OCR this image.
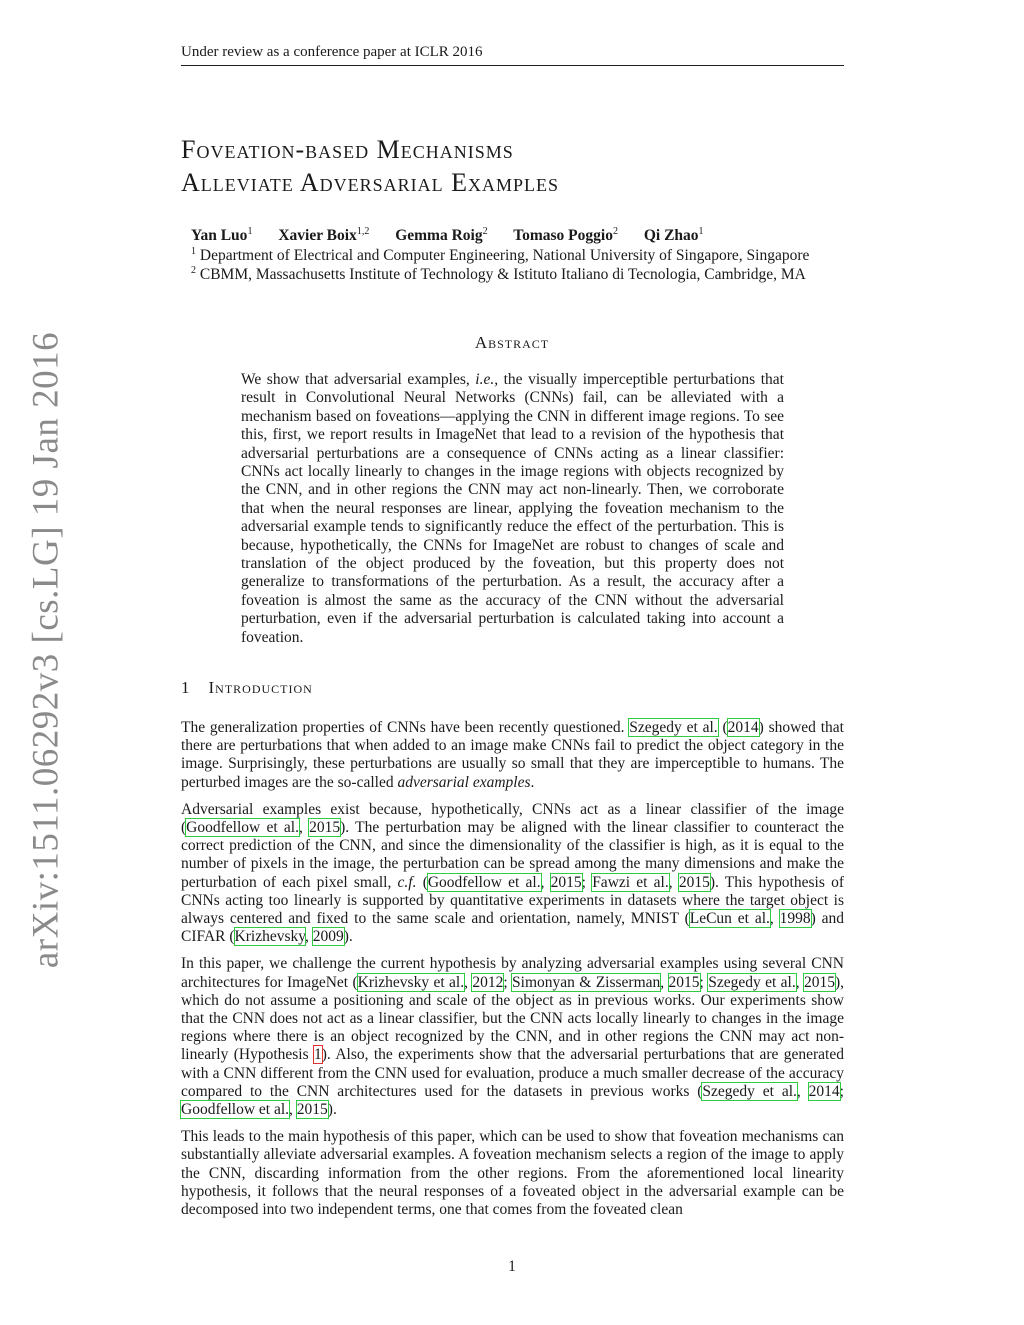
Under review as a conference paper at ICLR 2016
arXiv:1511.06292v3 [cs.LG] 19 Jan 2016
Foveation-based Mechanisms
Alleviate Adversarial Examples
Yan Luo$^1$ Xavier Boix$^{1,2}$ Gemma Roig$^2$ Tomaso Poggio$^2$ Qi Zhao$^1$
$^1$ Department of Electrical and Computer Engineering, National University of Singapore, Singapore
$^2$ CBMM, Massachusetts Institute of Technology & Istituto Italiano di Tecnologia, Cambridge, MA
Abstract
We show that adversarial examples, i.e., the visually imperceptible perturbations that result in Convolutional Neural Networks (CNNs) fail, can be alleviated with a mechanism based on foveations—applying the CNN in different image regions. To see this, first, we report results in ImageNet that lead to a revision of the hypothesis that adversarial perturbations are a consequence of CNNs acting as a linear classifier: CNNs act locally linearly to changes in the image regions with objects recognized by the CNN, and in other regions the CNN may act non-linearly. Then, we corroborate that when the neural responses are linear, applying the foveation mechanism to the adversarial example tends to significantly reduce the effect of the perturbation. This is because, hypothetically, the CNNs for ImageNet are robust to changes of scale and translation of the object produced by the foveation, but this property does not generalize to transformations of the perturbation. As a result, the accuracy after a foveation is almost the same as the accuracy of the CNN without the adversarial perturbation, even if the adversarial perturbation is calculated taking into account a foveation.
1 Introduction

The generalization properties of CNNs have been recently questioned. Szegedy et al. (2014) showed that there are perturbations that when added to an image make CNNs fail to predict the object category in the image. Surprisingly, these perturbations are usually so small that they are imperceptible to humans. The perturbed images are the so-called adversarial examples.

Adversarial examples exist because, hypothetically, CNNs act as a linear classifier of the image (Goodfellow et al., 2015). The perturbation may be aligned with the linear classifier to counteract the correct prediction of the CNN, and since the dimensionality of the classifier is high, as it is equal to the number of pixels in the image, the perturbation can be spread among the many dimensions and make the perturbation of each pixel small, c.f. (Goodfellow et al., 2015; Fawzi et al., 2015). This hypothesis of CNNs acting too linearly is supported by quantitative experiments in datasets where the target object is always centered and fixed to the same scale and orientation, namely, MNIST (LeCun et al., 1998) and CIFAR (Krizhevsky, 2009).

In this paper, we challenge the current hypothesis by analyzing adversarial examples using several CNN architectures for ImageNet (Krizhevsky et al., 2012; Simonyan & Zisserman, 2015; Szegedy et al., 2015), which do not assume a positioning and scale of the object as in previous works. Our experiments show that the CNN does not act as a linear classifier, but the CNN acts locally linearly to changes in the image regions where there is an object recognized by the CNN, and in other regions the CNN may act non-linearly (Hypothesis 1). Also, the experiments show that the adversarial perturbations that are generated with a CNN different from the CNN used for evaluation, produce a much smaller decrease of the accuracy compared to the CNN architectures used for the datasets in previous works (Szegedy et al., 2014; Goodfellow et al., 2015).

This leads to the main hypothesis of this paper, which can be used to show that foveation mechanisms can substantially alleviate adversarial examples. A foveation mechanism selects a region of the image to apply the CNN, discarding information from the other regions. From the aforementioned local linearity hypothesis, it follows that the neural responses of a foveated object in the adversarial example can be decomposed into two independent terms, one that comes from the foveated clean

1
